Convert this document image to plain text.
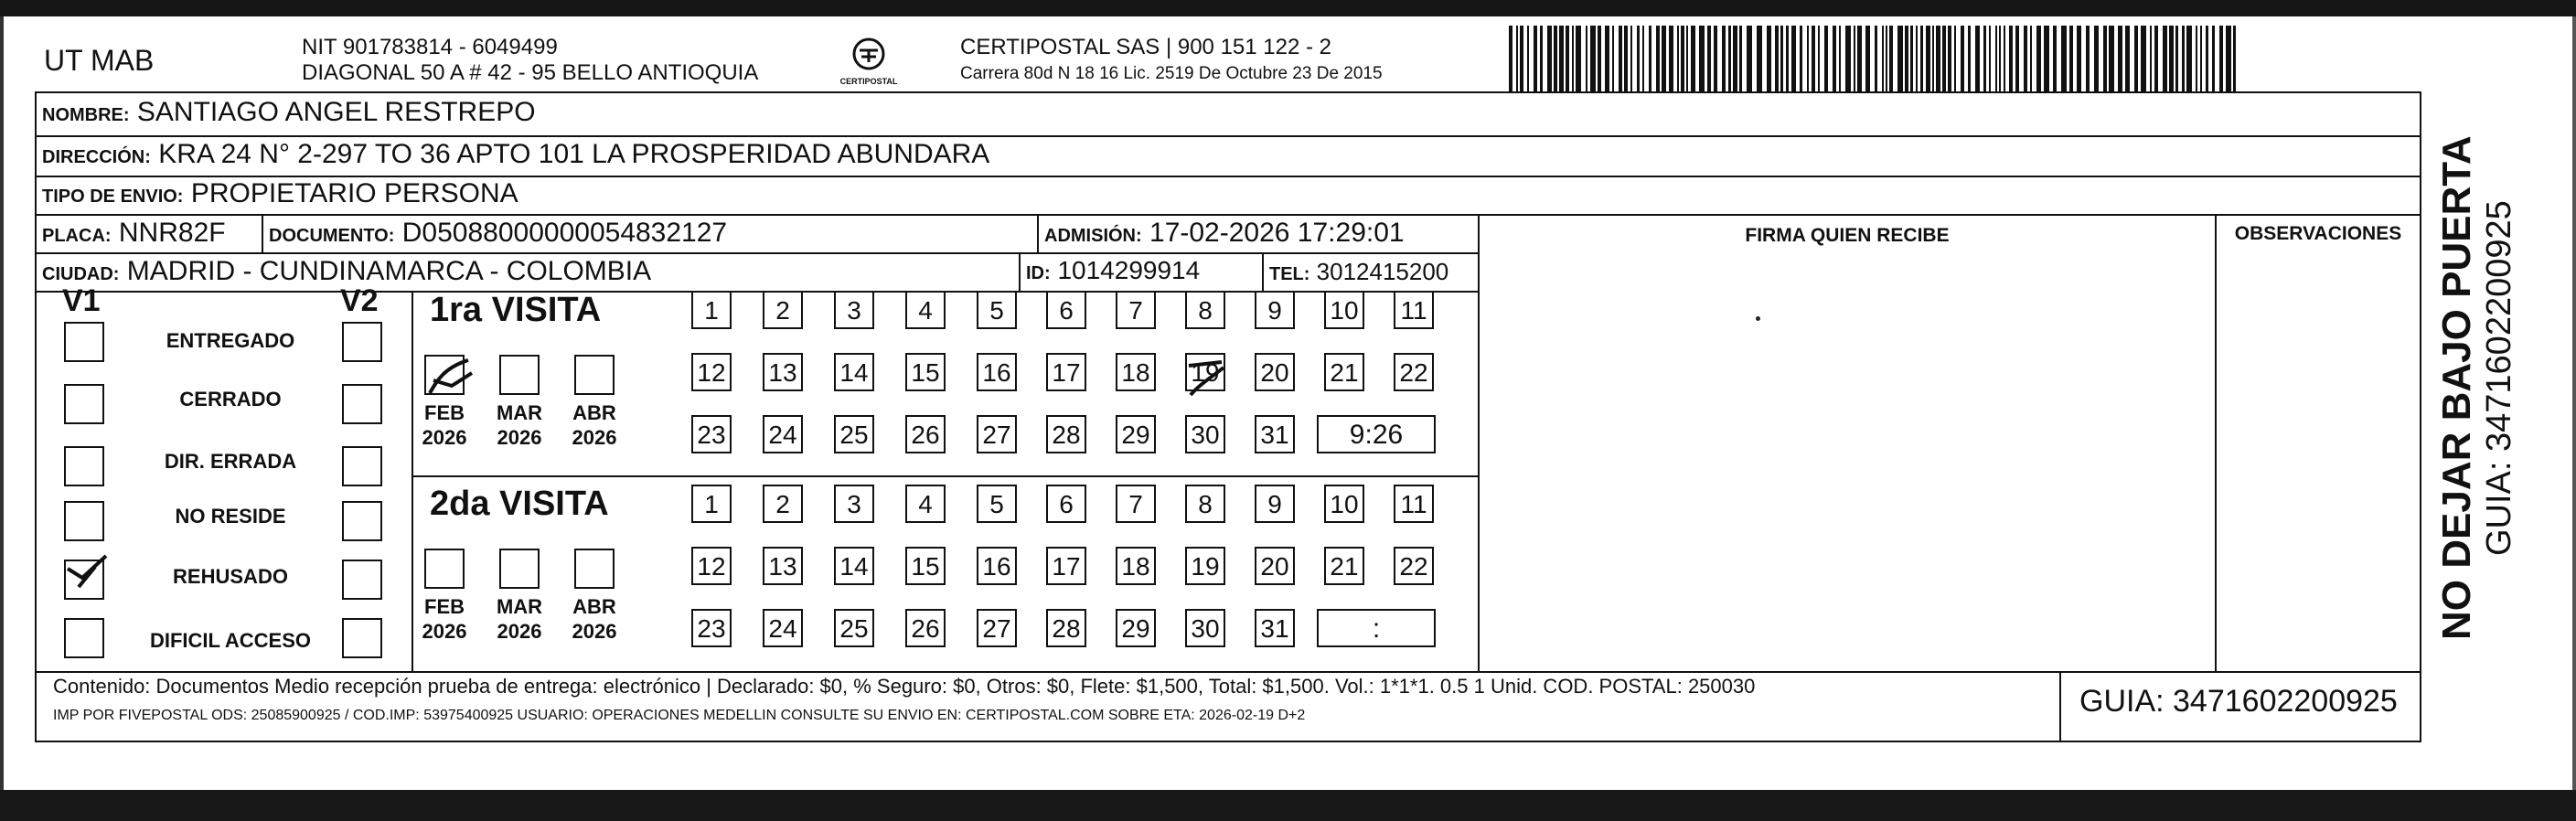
UT MAB	NIT 901783814 - 6049499
DIAGONAL 50 A # 42 - 95 BELLO ANTIOQUIA	CERTIPOSTAL
CERTIPOSTAL SAS | 900 151 122 - 2
Carrera 80d N 18 16 Lic. 2519 De Octubre 23 De 2015
NOMBRE: SANTIAGO ANGEL RESTREPO
DIRECCIÓN: KRA 24 N° 2-297 TO 36 APTO 101 LA PROSPERIDAD ABUNDARA
TIPO DE ENVIO: PROPIETARIO PERSONA
PLACA: NNR82F DOCUMENTO: D05088000000054832127	ADMISIÓN: 17-02-2026 17:29:01
CIUDAD: MADRID - CUNDINAMARCA - COLOMBIA	ID: 1014299914	TEL: 3012415200
FIRMA QUIEN RECIBE	OBSERVACIONES
Contenido: Documentos Medio recepción prueba de entrega: electrónico | Declarado: $0, % Seguro: $0, Otros: $0, Flete: $1,500, Total: $1,500. Vol.: 1*1*1. 0.5 1 Unid. COD. POSTAL: 250030
IMP POR FIVEPOSTAL ODS: 25085900925 / COD.IMP: 53975400925 USUARIO: OPERACIONES MEDELLIN CONSULTE SU ENVIO EN: CERTIPOSTAL.COM SOBRE ETA: 2026-02-19 D+2	GUIA: 3471602200925
V1	V2 1ra VISITA
2da VISITA	NO DEJAR BAJO PUERTA GUIA: 3471602200925
ENTREGADO
CERRADO
DIR. ERRADA
NO RESIDE
REHUSADO
DIFICIL ACCESO
FEB
2026
MAR
2026
ABR
2026
1	2	3	4	5	6	7	8	9	10 11
12 13 14 15 16 17 18 19 20 21 22
23 24 25 26 27 28 29 30 31	9:26
FEB
2026
MAR
2026
ABR
2026
1	2	3	4	5	6	7	8	9	10 11
12 13 14 15 16 17 18 19 20 21 22
23 24 25 26 27 28 29 30 31	:
